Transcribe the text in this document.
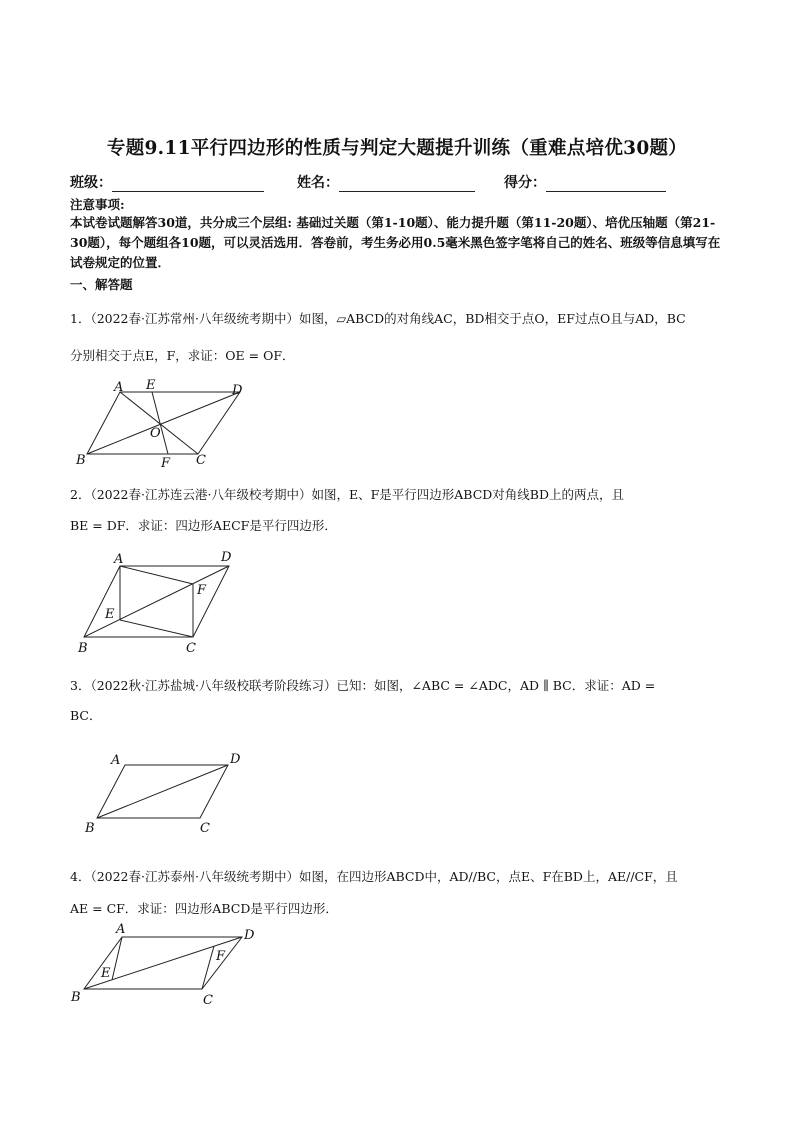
专题9.11平行四边形的性质与判定大题提升训练（重难点培优30题）
班级：	姓名：	得分：
注意事项:
本试卷试题解答30道，共分成三个层组: 基础过关题（第1-10题）、能力提升题（第11-20题）、培优压轴题（第21-30题），每个题组各10题，可以灵活选用．答卷前，考生务必用0.5毫米黑色签字笔将自己的姓名、班级等信息填写在试卷规定的位置．
一、解答题
1．（2022春·江苏常州·八年级统考期中）如图，▱ABCD的对角线AC，BD相交于点O，EF过点O且与AD，BC
分别相交于点E，F，求证：OE = OF．
A E	D
O
B	F C
2．（2022春·江苏连云港·八年级校考期中）如图，E、F是平行四边形ABCD对角线BD上的两点，且
BE = DF．求证：四边形AECF是平行四边形．
A	D
F
E
B	C
3．（2022秋·江苏盐城·八年级校联考阶段练习）已知：如图，∠ABC = ∠ADC，AD ∥ BC．求证：AD =
BC．
A	D
B	C
4．（2022春·江苏泰州·八年级统考期中）如图，在四边形ABCD中，AD//BC，点E、F在BD上，AE//CF，且
AE = CF．求证：四边形ABCD是平行四边形．
A	D
F
E
B	C
